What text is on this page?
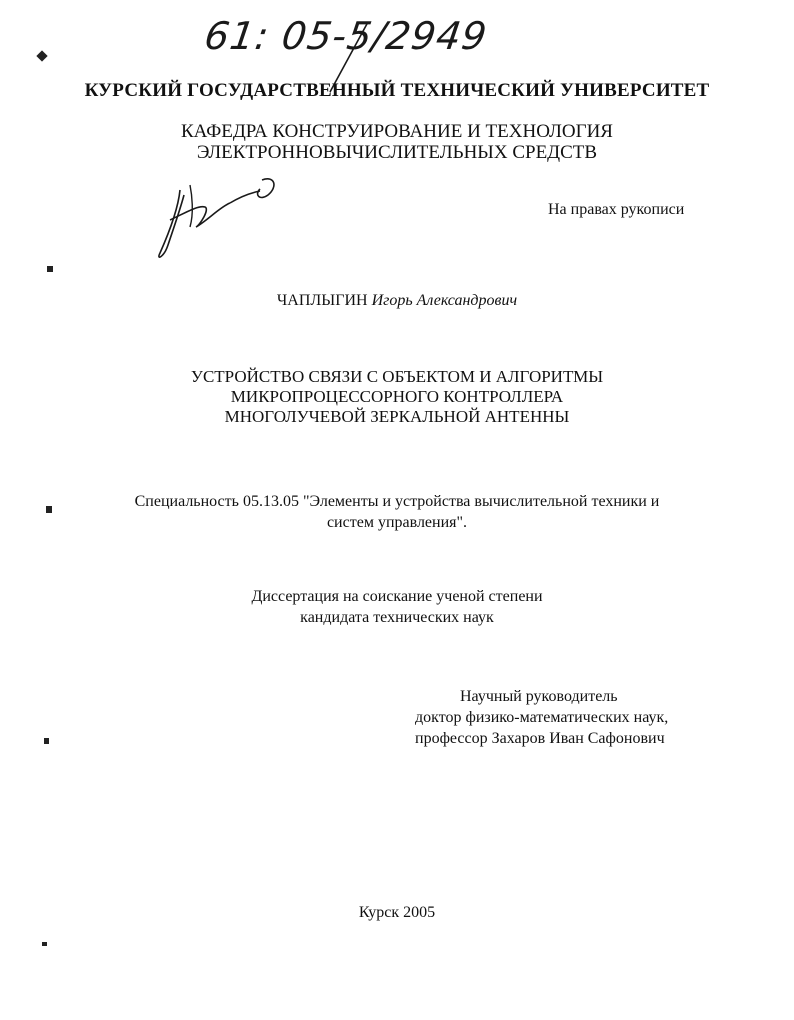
61: 05-5/2949
КУРСКИЙ ГОСУДАРСТВЕННЫЙ ТЕХНИЧЕСКИЙ УНИВЕРСИТЕТ
КАФЕДРА КОНСТРУИРОВАНИЕ И ТЕХНОЛОГИЯ
ЭЛЕКТРОННОВЫЧИСЛИТЕЛЬНЫХ СРЕДСТВ
На правах рукописи
ЧАПЛЫГИН Игорь Александрович
УСТРОЙСТВО СВЯЗИ С ОБЪЕКТОМ И АЛГОРИТМЫ
МИКРОПРОЦЕССОРНОГО КОНТРОЛЛЕРА
МНОГОЛУЧЕВОЙ ЗЕРКАЛЬНОЙ АНТЕННЫ
Специальность 05.13.05 "Элементы и устройства вычислительной техники и
систем управления".
Диссертация на соискание ученой степени
кандидата технических наук
Научный руководитель
доктор физико-математических наук,
профессор Захаров Иван Сафонович
Курск 2005
